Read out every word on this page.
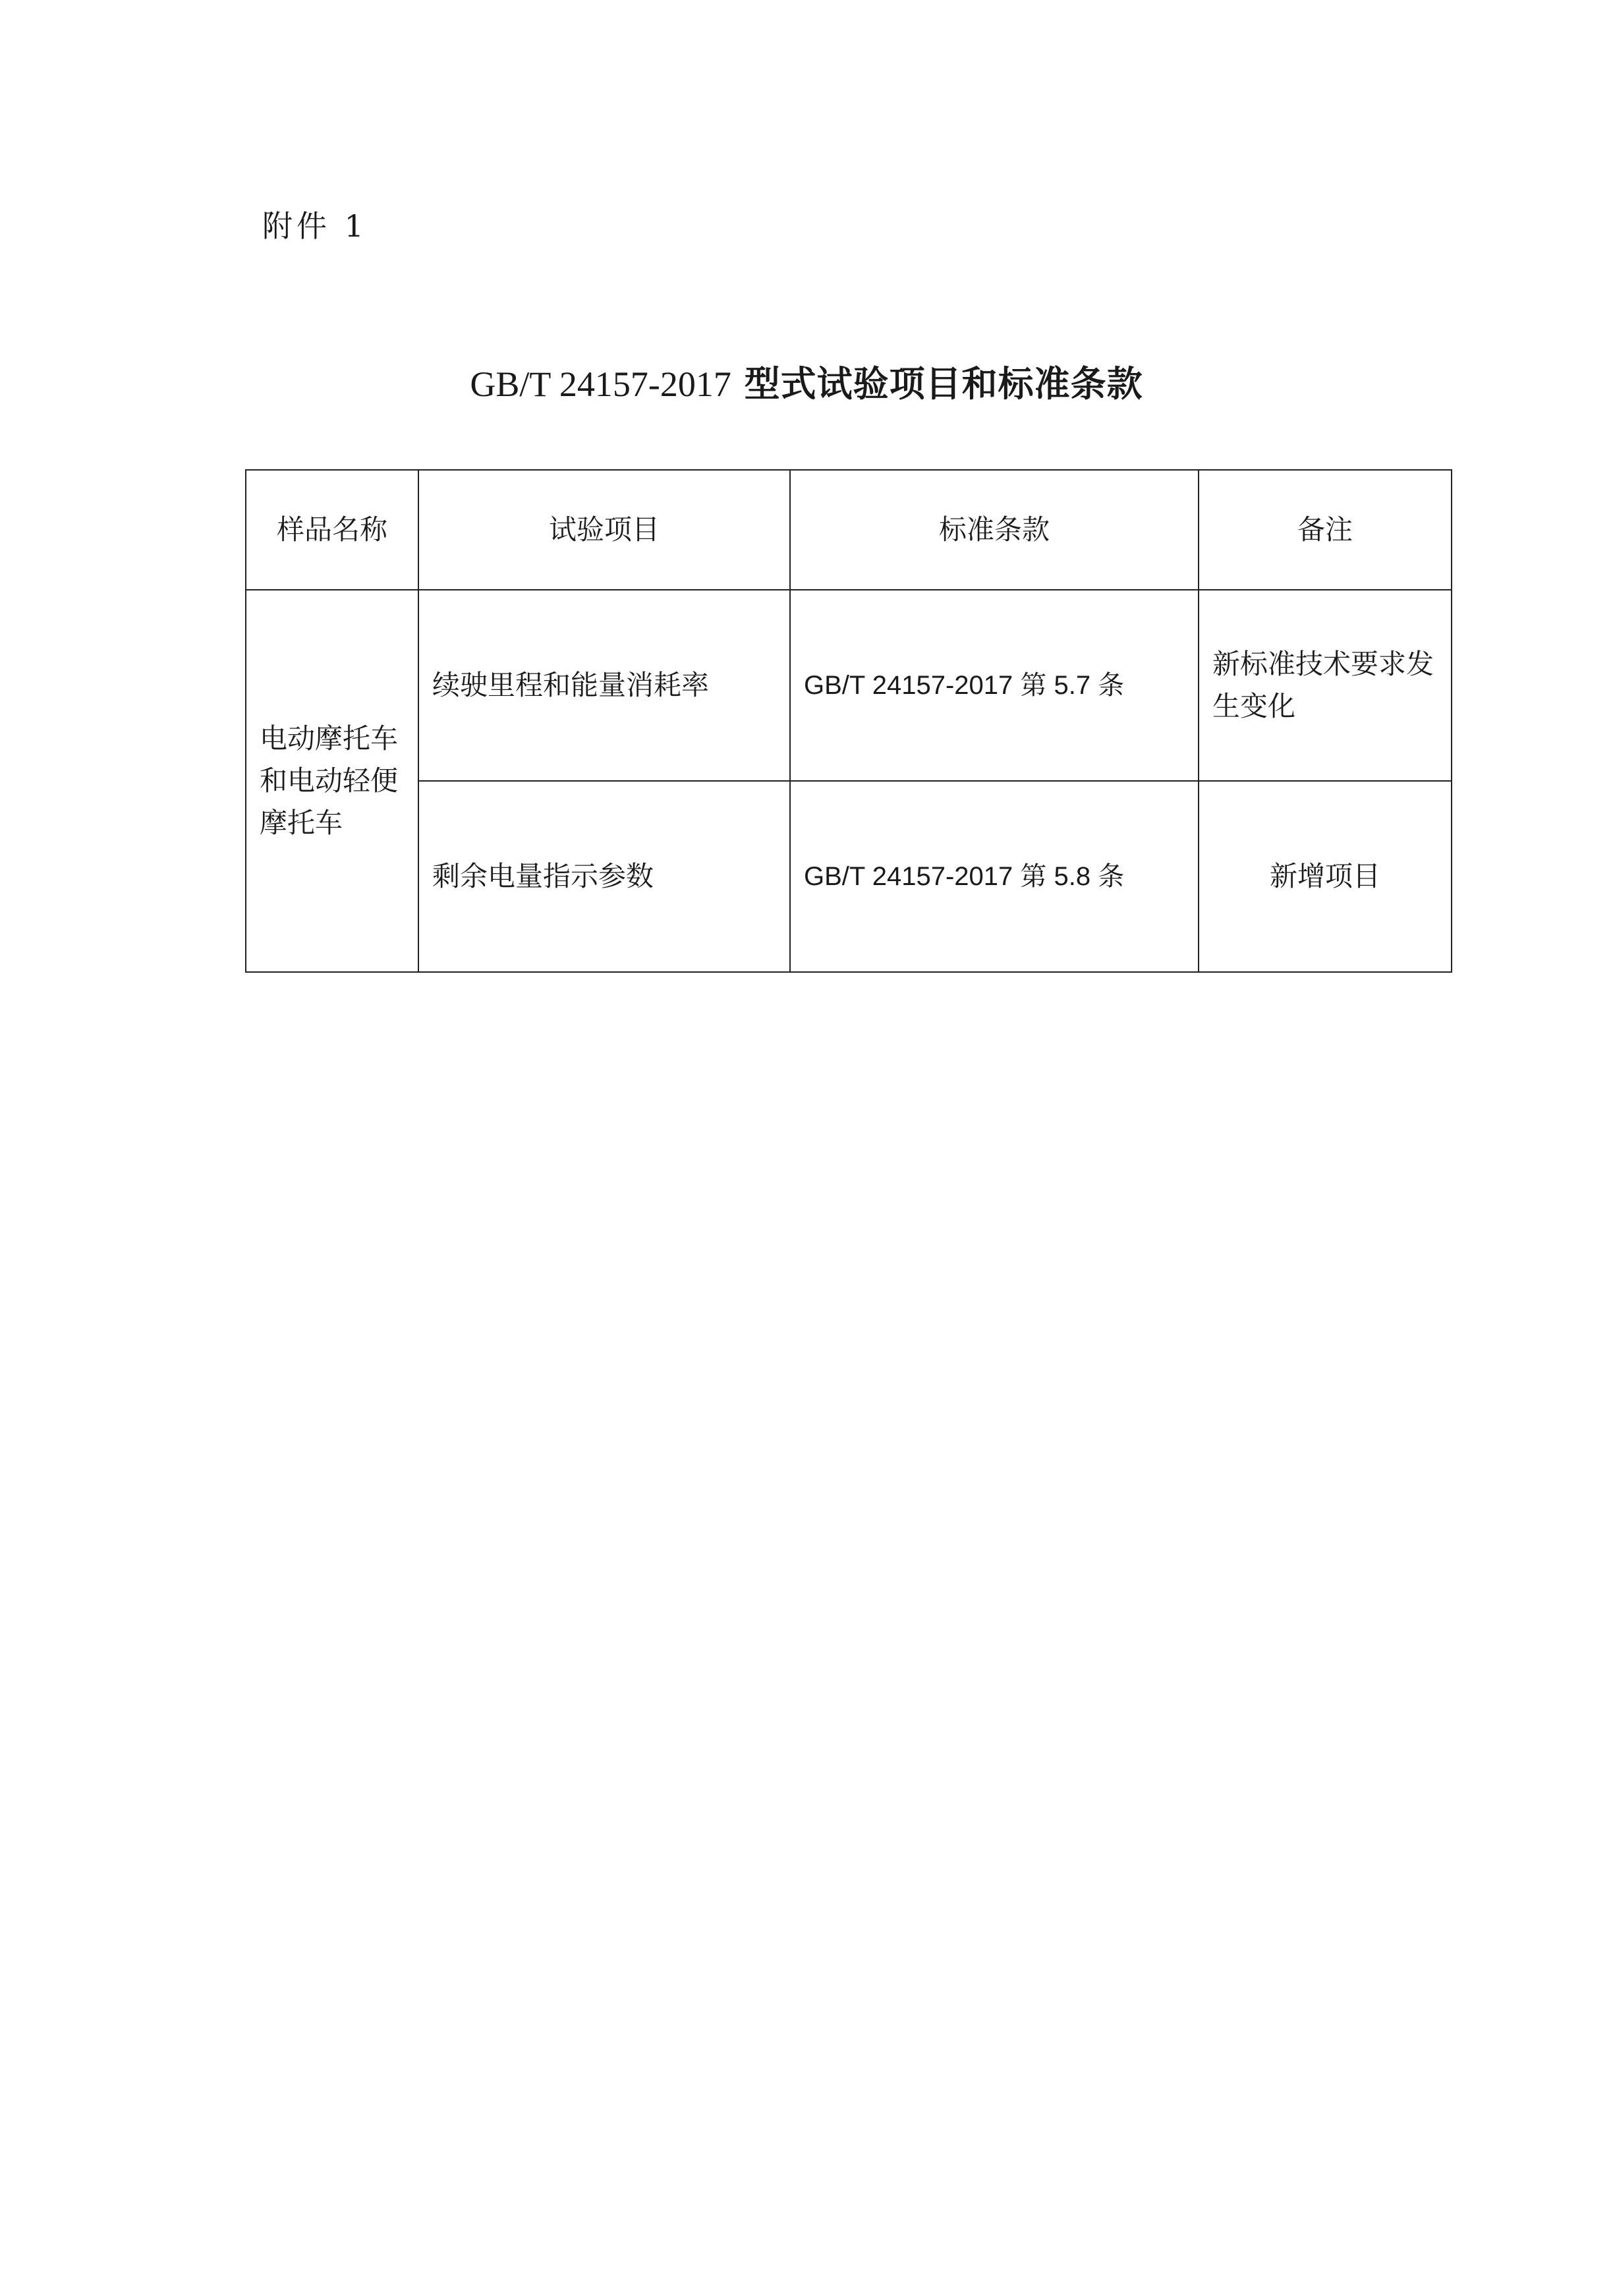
附件 1
GB/T 24157-2017 型式试验项目和标准条款
样品名称	试验项目	标准条款	备注
电动摩托车和电动轻便摩托车	续驶里程和能量消耗率	GB/T 24157-2017 第 5.7 条	新标准技术要求发生变化
	剩余电量指示参数	GB/T 24157-2017 第 5.8 条	新增项目
